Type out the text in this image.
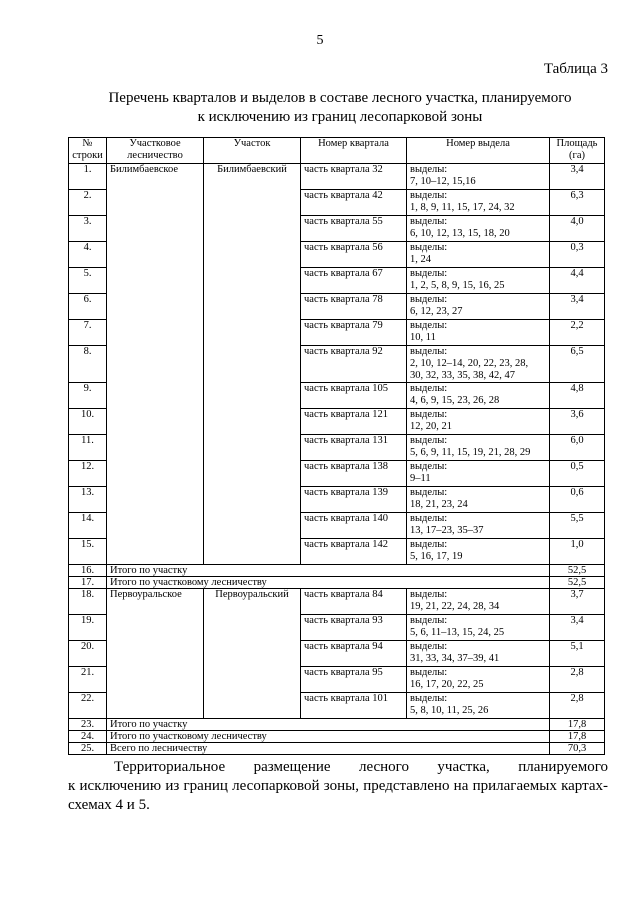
5
Таблица 3
Перечень кварталов и выделов в составе лесного участка, планируемого
к исключению из границ лесопарковой зоны
№ строки	Участковое лесничество	Участок	Номер квартала	Номер выдела	Площадь (га)
1.	Билимбаевское	Билимбаевский	часть квартала 32	выделы:
7, 10–12, 15,16	3,4
2.			часть квартала 42	выделы:
1, 8, 9, 11, 15, 17, 24, 32	6,3
3.			часть квартала 55	выделы:
6, 10, 12, 13, 15, 18, 20	4,0
4.			часть квартала 56	выделы:
1, 24	0,3
5.			часть квартала 67	выделы:
1, 2, 5, 8, 9, 15, 16, 25	4,4
6.			часть квартала 78	выделы:
6, 12, 23, 27	3,4
7.			часть квартала 79	выделы:
10, 11	2,2
8.			часть квартала 92	выделы:
2, 10, 12–14, 20, 22, 23, 28,
30, 32, 33, 35, 38, 42, 47	6,5
9.			часть квартала 105	выделы:
4, 6, 9, 15, 23, 26, 28	4,8
10.			часть квартала 121	выделы:
12, 20, 21	3,6
11.			часть квартала 131	выделы:
5, 6, 9, 11, 15, 19, 21, 28, 29	6,0
12.			часть квартала 138	выделы:
9–11	0,5
13.			часть квартала 139	выделы:
18, 21, 23, 24	0,6
14.			часть квартала 140	выделы:
13, 17–23, 35–37	5,5
15.			часть квартала 142	выделы:
5, 16, 17, 19	1,0
16.	Итого по участку				52,5
17.	Итого по участковому лесничеству				52,5
18.	Первоуральское	Первоуральский	часть квартала 84	выделы:
19, 21, 22, 24, 28, 34	3,7
19.			часть квартала 93	выделы:
5, 6, 11–13, 15, 24, 25	3,4
20.			часть квартала 94	выделы:
31, 33, 34, 37–39, 41	5,1
21.			часть квартала 95	выделы:
16, 17, 20, 22, 25	2,8
22.			часть квартала 101	выделы:
5, 8, 10, 11, 25, 26	2,8
23.	Итого по участку				17,8
24.	Итого по участковому лесничеству				17,8
25.	Всего по лесничеству				70,3
Территориальное размещение лесного участка, планируемого
к исключению из границ лесопарковой зоны, представлено на прилагаемых картах-схемах 4 и 5.
